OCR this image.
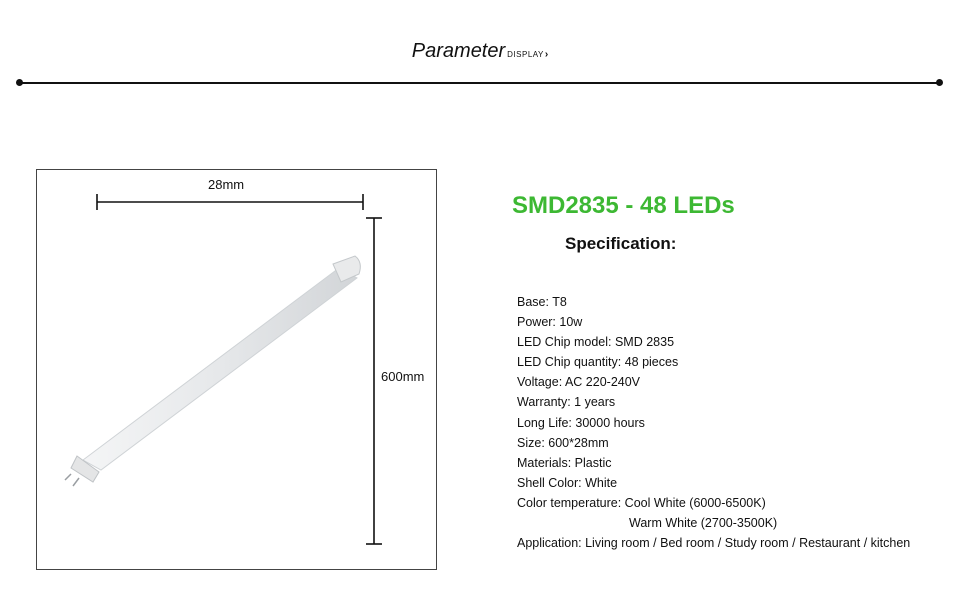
Parameter DISPLAY›
28mm
600mm
SMD2835 - 48 LEDs
Specification:
Base: T8
Power: 10w
LED Chip model: SMD 2835
LED Chip quantity: 48 pieces
Voltage: AC 220-240V
Warranty: 1 years
Long Life: 30000 hours
Size: 600*28mm
Materials: Plastic
Shell Color: White
Color temperature: Cool White (6000-6500K)
Warm White (2700-3500K)
Application: Living room / Bed room / Study room / Restaurant / kitchen
